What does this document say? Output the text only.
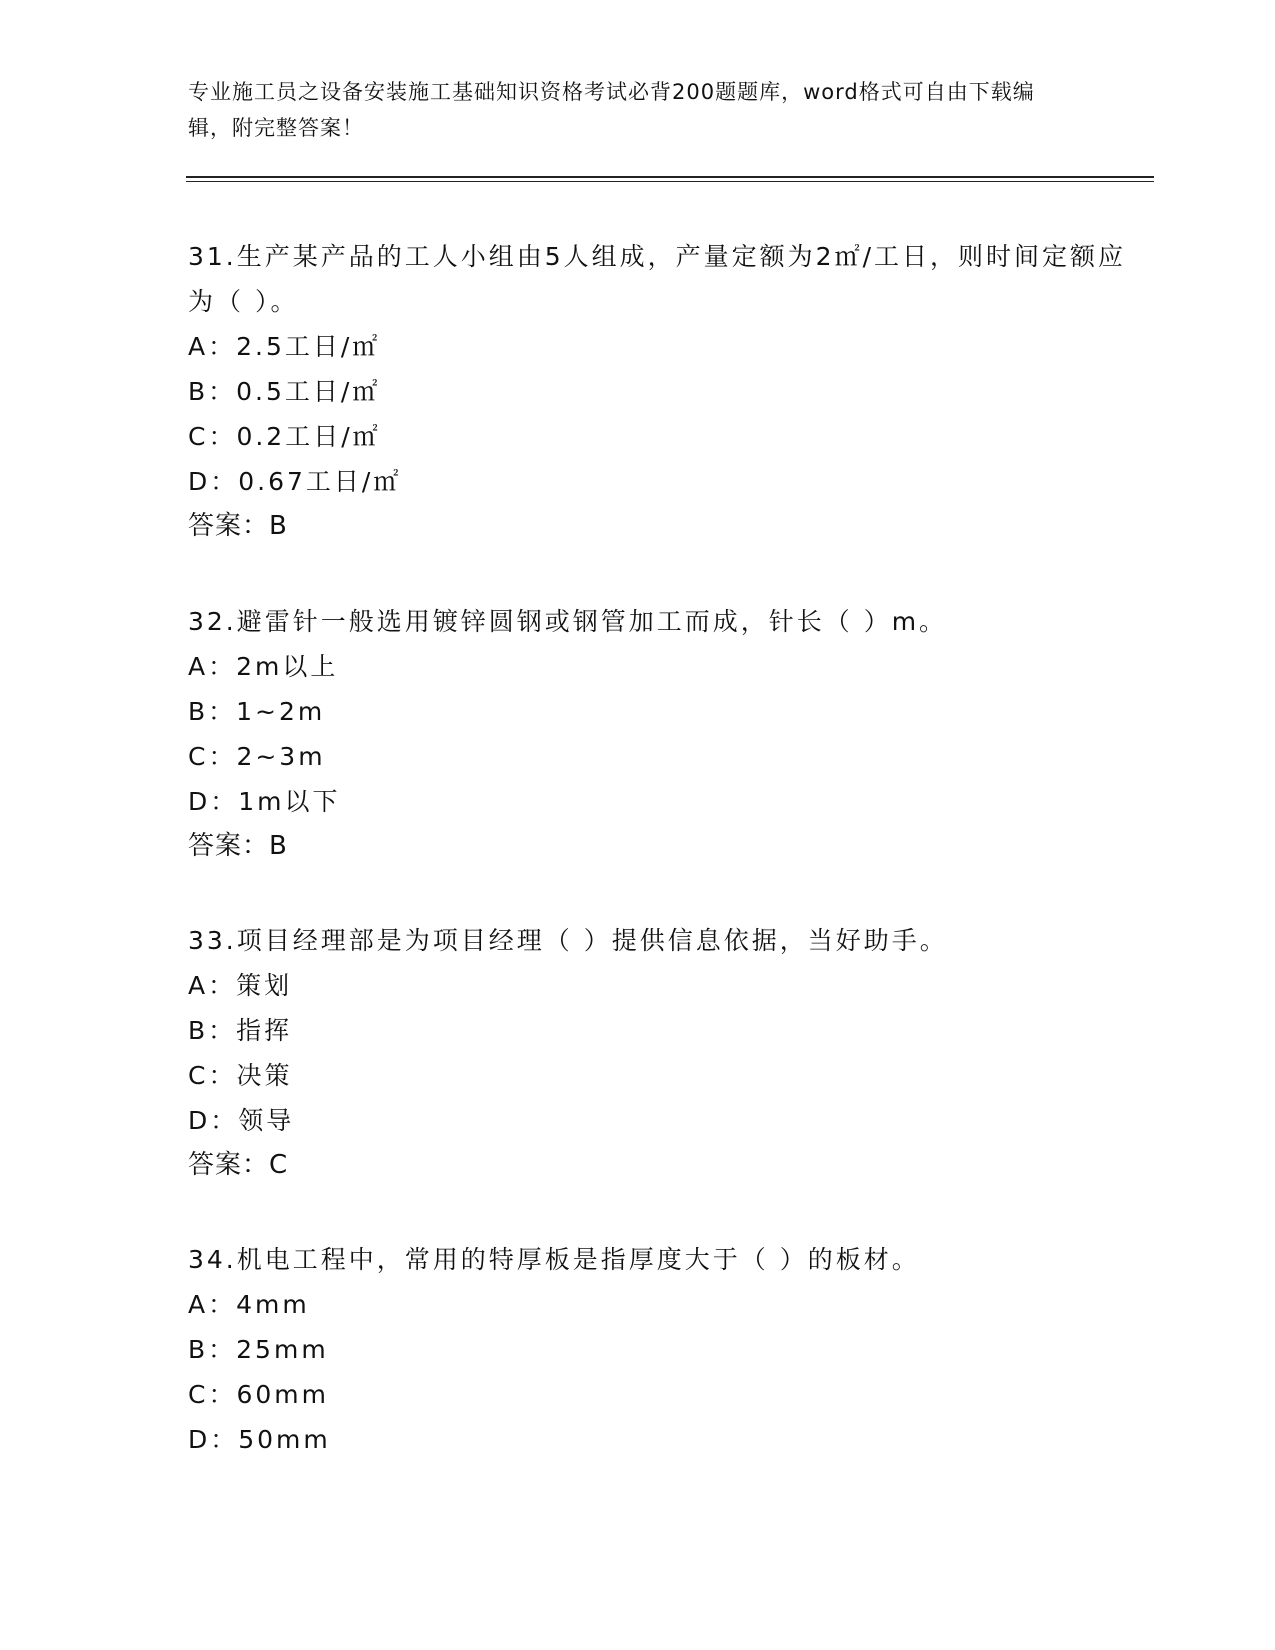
专业施工员之设备安装施工基础知识资格考试必背200题题库，word格式可自由下载编辑，附完整答案！
31.生产某产品的工人小组由5人组成，产量定额为2㎡/工日，则时间定额应为（ ）。
A：2.5工日/㎡
B：0.5工日/㎡
C：0.2工日/㎡
D：0.67工日/㎡
答案：B
32.避雷针一般选用镀锌圆钢或钢管加工而成，针长（ ）m。
A：2m以上
B：1~2m
C：2~3m
D：1m以下
答案：B
33.项目经理部是为项目经理（ ）提供信息依据，当好助手。
A：策划
B：指挥
C：决策
D：领导
答案：C
34.机电工程中，常用的特厚板是指厚度大于（ ）的板材。
A：4mm
B：25mm
C：60mm
D：50mm
